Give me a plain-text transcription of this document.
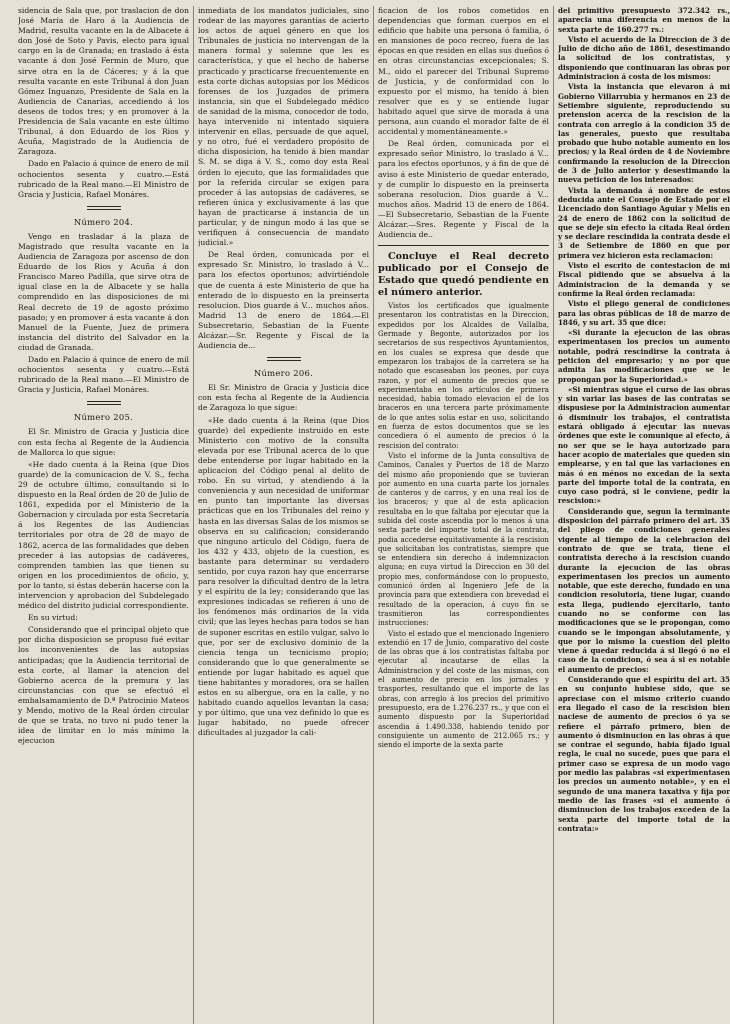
sidencia de Sala que, por traslacion de don José María de Haro á la Audiencia de Madrid, resulta vacante en la de Albacete á don José de Soto y Pavis, electo para igual cargo en la de Granada; en traslado á ésta vacante á don José Fermin de Muro, que sirve otra en la de Cáceres; y á la que resulta vacante en este Tribunal á don Juan Gómez Inguanzo, Presidente de Sala en la Audiencia de Canarias, accediendo á los deseos de todos tres; y en promover á la Presidencia de Sala vacante en este último Tribunal, á don Eduardo de los Rios y Acuña, Magistrado de la Audiencia de Zaragoza.

Dado en Palacio á quince de enero de mil ochocientos sesenta y cuatro.—Está rubricado de la Real mano.—El Ministro de Gracia y Justicia, Rafael Monáres.

Número 204.

Vengo en trasladar á la plaza de Magistrado que resulta vacante en la Audiencia de Zaragoza por ascenso de don Eduardo de los Rios y Acuña á don Francisco Mareo Padilla, que sirve otra de igual clase en la de Albacete y se halla comprendido en las disposiciones de mi Real decreto de 19 de agosto próximo pasado; y en promover á esta vacante á don Manuel de la Fuente, Juez de primera instancia del distrito del Salvador en la ciudad de Granada.

Dado en Palacio á quince de enero de mil ochocientos sesenta y cuatro.—Está rubricado de la Real mano.—El Ministro de Gracia y Justicia, Rafael Monáres.

Número 205.

El Sr. Ministro de Gracia y Justicia dice con esta fecha al Regente de la Audiencia de Mallorca lo que sigue:

«He dado cuenta á la Reina (que Dios guarde) de la comunicacion de V. S., fecha 29 de octubre último, consultando si lo dispuesto en la Real órden de 20 de Julio de 1861, expedida por el Ministerio de la Gobernacion y circulada por esta Secretaría á los Regentes de las Audiencias territoriales por otra de 28 de mayo de 1862, acerca de las formalidades que deben preceder á las autopsias de cadáveres, comprenden tambien las que tienen su origen en los procedimientos de oficio, y, por lo tanto, si éstas deberán hacerse con la intervencion y aprobacion del Subdelegado médico del distrito judicial correspondiente.

En su virtud:

Considerando que el principal objeto que por dicha disposicion se propuso fué evitar los inconvenientes de las autopsias anticipadas; que la Audiencia territorial de esta corte, al llamar la atencion del Gobierno acerca de la premura y las circunstancias con que se efectuó el embalsamamiento de D.ª Patrocinio Mateos y Mendo, motivo de la Real órden circular de que se trata, no tuvo ni pudo tener la idea de limitar en lo más mínimo la ejecucion

inmediata de los mandatos judiciales, sino rodear de las mayores garantías de acierto los actos de aquel género en que los Tribunales de justicia no intervengan de la manera formal y solemne que les es característica, y que el hecho de haberse practicado y practicarse frecuentemente en esta corte dichas autopsias por los Médicos forenses de los Juzgados de primera instancia, sin que el Subdelegado médico de sanidad de la misma, conocedor de todo, haya intervenido ni intentado siquiera intervenir en ellas, persuade de que aquel, y no otro, fué el verdadero propósito de dicha disposicion, ha tenido á bien mandar S. M. se diga á V. S., como doy esta Real órden lo ejecuto, que las formalidades que por la referida circular se exigen para proceder á las autopsias de cadáveres, se refieren única y exclusivamente á las que hayan de practicarse á instancia de un particular, y de ningun modo á las que se verifiquen á consecuencia de mandato judicial.»

De Real órden, comunicada por el expresado Sr. Ministro, lo traslado á V... para los efectos oportunos; advirtiéndole que de cuenta á este Ministerio de que ha enterado de lo dispuesto en la preinserta resolucion. Dios guarde á V... muchos años. Madrid 13 de enero de 1864.—El Subsecretario, Sebastian de la Fuente Alcázar.—Sr. Regente y Fiscal de la Audiencia de...

Número 206.

El Sr. Ministro de Gracia y Justicia dice con esta fecha al Regente de la Audiencia de Zaragoza lo que sigue:

«He dado cuenta á la Reina (que Dios guarde) del expediente instruido en este Ministerio con motivo de la consulta elevada por ese Tribunal acerca de lo que debe entenderse por lugar habitado en la aplicacion del Código penal al delito de robo. En su virtud, y atendiendo á la conveniencia y aun necesidad de uniformar en punto tan importante las diversas prácticas que en los Tribunales del reino y hasta en las diversas Salas de los mismos se observa en su calificacion; considerando que ninguno artículo del Código, fuera de los 432 y 433, objeto de la cuestion, es bastante para determinar su verdadero sentido, por cuya razon hay que encerrarse para resolver la dificultad dentro de la letra y el espíritu de la ley; considerando que las expresiones indicadas se refieren á uno de los fenómenos más ordinarios de la vida civil; que las leyes hechas para todos se han de suponer escritas en estilo vulgar, salvo lo que, por ser de exclusivo dominio de la ciencia tenga un tecnicismo propio; considerando que lo que generalmente se entiende por lugar habitado es aquel que tiene habitantes y moradores, ora se hallen estos en su albergue, ora en la calle, y no habitado cuando aquellos levantan la casa; y por último, que una vez definido lo que es lugar habitado, no puede ofrecer dificultades al juzgador la cali-

ficacion de los robos cometidos en dependencias que forman cuerpos en el edificio que habite una persona ó familia, ó en mansiones de poco recreo, fuera de las épocas en que residen en ellas sus dueños ó en otras circunstancias excepcionales; S. M., oido el parecer del Tribunal Supremo de Justicia, y de conformidad con lo expuesto por el mismo, ha tenido á bien resolver que es y se entiende lugar habitado aquel que sirve de morada á una persona, aun cuando el morador falte de él accidental y momentáneamente.»

De Real órden, comunicada por el expresado señor Ministro, lo traslado á V... para los efectos oportunos, y á fin de que dé aviso á este Ministerio de quedar enterado, y de cumplir lo dispuesto en la preinserta soberana resolucion. Dios guarde á V... muchos años. Madrid 13 de enero de 1864.—El Subsecretario, Sebastian de la Fuente Alcázar.—Sres. Regente y Fiscal de la Audiencia de..

Concluye el Real decreto publicado por el Consejo de Estado que quedó pendiente en el número anterior.

Vistos los certificados que igualmente presentaron los contratistas en la Direccion, expedidos por los Alcaldes de Vallalba, Germade y Begonte, autorizados por los secretarios de sus respectivos Ayuntamientos, en los cuales se expresa que desde que empezaron los trabajos de la carretera se ha notado que escaseaban los peones, por cuya razon, y por el aumento de precios que se experimentaba en los artículos de primera necesidad, habia tomado elevacion el de los braceros en una tercera parte próximamente de lo que antes solia estar en uso, solicitando en fuerza de estos documentos que se les concediera ó el aumento de precios ó la rescision del contrato:

Visto el informe de la Junta consultiva de Caminos, Canales y Puertos de 18 de Marzo del mismo año proponiendo que se tuvieran por aumento en una cuarta parte los jornales de canteros y de carros, y en una real los de los braceros; y que al de esta aplicacion resultaba en lo que faltaba por ejecutar que la subida del coste ascendia por lo menos á una sexta parte del importe total de la contrata, podia accederse equitativamente á la rescision que solicitaban los contratistas, siempre que se entendiera sin derecho á indemnizacion alguna; en cuya virtud la Direccion en 30 del propio mes, conformándose con lo propuesto, comunicó órden al Ingeniero Jefe de la provincia para que extendiera con brevedad el resultado de la operacion, á cuyo fin se trasmitieron las correspondientes instrucciones:

Visto el estado que el mencionado Ingeniero extendió en 17 de Junio, comparativo del coste de las obras que á los contratistas faltaba por ejecutar al incautarse de ellas la Administracion y del coste de las mismas, con el aumento de precio en los jornales y trasportes, resultando que el importe de las obras, con arreglo á los precios del primitivo presupuesto, era de 1.276.237 rs., y que con el aumento dispuesto por la Superioridad ascendia á 1.490.338, habiendo tenido por consiguiente un aumento de 212.065 rs.; y siendo el importe de la sexta parte

del primitivo presupuesto 372.342 rs., aparecia una diferencia en menos de la sexta parte de 160.277 rs.:

Visto el acuerdo de la Direccion de 3 de Julio de dicho año de 1861, desestimando la solicitud de los contratistas, y disponiendo que continuaran las obras por Administracion á costa de los mismos:

Vista la instancia que elevaron á mi Gobierno Villarrubia y hermanos en 23 de Setiembre siguiente, reproduciendo su pretension acerca de la rescision de la contrata con arreglo á la condicion 35 de las generales, puesto que resultaba probado que hubo notable aumento en los precios; y la Real órden de 4 de Noviembre confirmando la resolucion de la Direccion de 3 de Julio anterior y desestimando la nueva peticion de los interesados:

Vista la demanda á nombre de estos deducida ante el Consejo de Estado por el Licenciado don Santiago Aguiar y Melis en 24 de enero de 1862 con la solicitud de que se deje sin efecto la citada Real órden y se declare rescindida la contrata desde el 3 de Setiembre de 1860 en que por primera vez hicieron esta reclamacion:

Visto el escrito de contestacion de mi Fiscal pidiendo que se absuelva á la Administracion de la demanda y se confirme la Real órden reclamada:

Visto el pliego general de condiciones para las obras públicas de 18 de marzo de 1846, y su art. 35 que dice:

«Si durante la ejecucion de las obras experimentasen los precios un aumento notable, podrá rescindirse la contrata á peticion del empresario; y no por que admita las modificaciones que se le propongan por la Superioridad.»

«Si mientras sigue el curso de las obras y sin variar las bases de las contratas se dispusiese por la Administracion aumentar ó disminuir los trabajos, el contratista estará obligado á ejecutar las nuevas órdenes que este le comunique al efecto, á no ser que se le haya autorizado para hacer acopio de materiales que queden sin emplearse, y en tal que las variaciones en más ó en ménos no excedan de la sexta parte del importe total de la contrata, en cuyo caso podrá, si le conviene, pedir la rescision:»

Considerando que, segun la terminante disposicion del párrafo primero del art. 35 del pliego de condiciones generales vigente al tiempo de la celebracion del contrato de que se trata, tiene el contratista derecho á la rescision cuando durante la ejecucion de las obras experimentasen los precios un aumento notable, que este derecho, fundado en una condicion resolutoria, tiene lugar, cuando esta llega, pudiendo ejercitarlo, tanto cuando no se conforme con las modificaciones que se le propongan, como cuando se le impongan absolutamente, y que por lo mismo la cuestion del pleito viene á quedar reducida á si llegó ó no el caso de la condicion, ó sea á si es notable el aumento de precios:

Considerando que el espíritu del art. 35 en su conjunto hubiese sido, que se apreciase con el mismo criterio cuando era llegado el caso de la rescision bien naciese de aumento de precios ó ya se refiere el párrafo primero, bien de aumento ó disminucion en las obras á que se contrae el segundo, habia fijado igual regla, le cual no sucede, pues que para el primer caso se expresa de un modo vago por medio las palabras «si experimentasen los precios un aumento notable», y en el segundo de una manera taxativa y fija por medio de las frases «si el aumento ó disminucion de los trabajos exceden de la sexta parte del importe total de la contrata:»
